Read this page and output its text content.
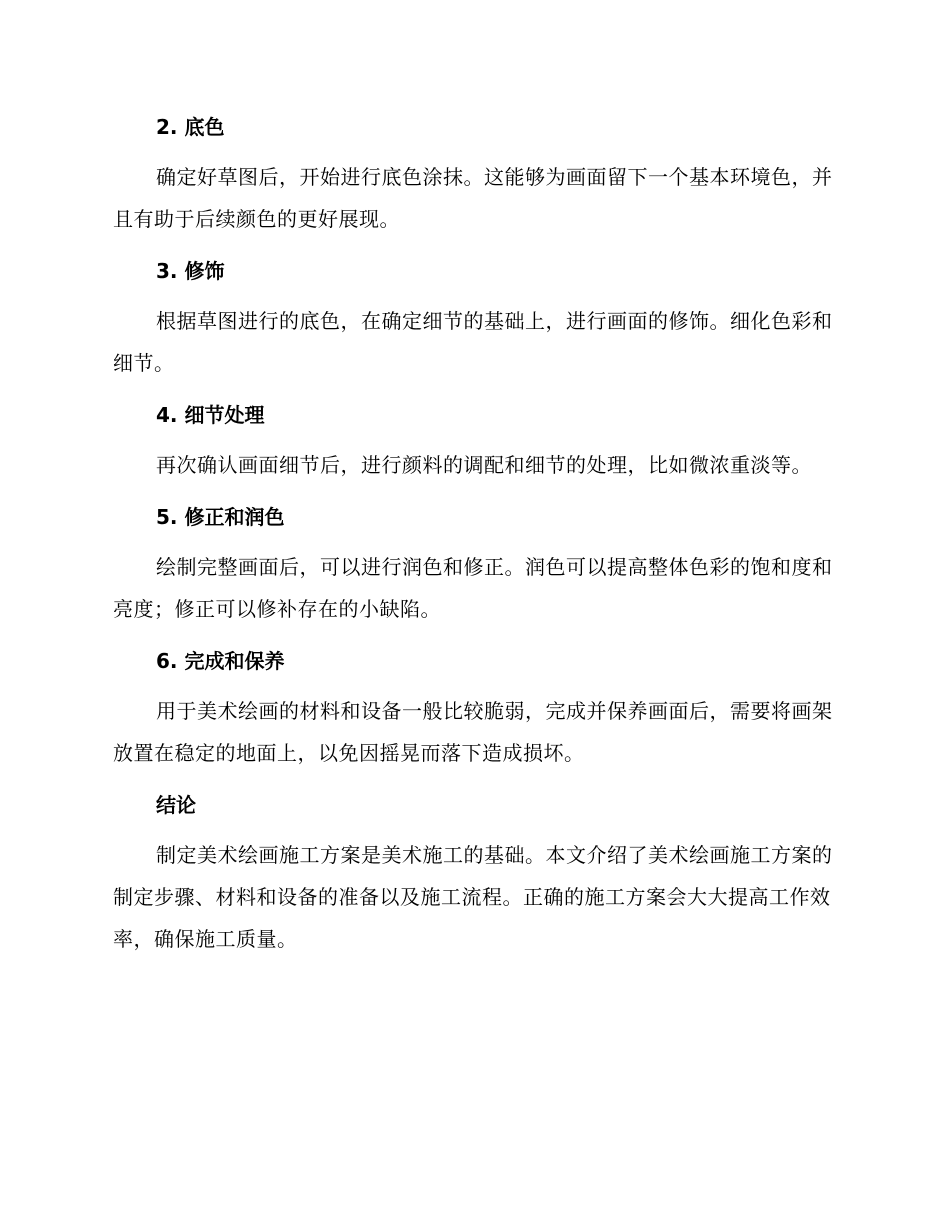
2. 底色

确定好草图后，开始进行底色涂抹。这能够为画面留下一个基本环境色，并且有助于后续颜色的更好展现。

3. 修饰

根据草图进行的底色，在确定细节的基础上，进行画面的修饰。细化色彩和细节。

4. 细节处理

再次确认画面细节后，进行颜料的调配和细节的处理，比如微浓重淡等。

5. 修正和润色

绘制完整画面后，可以进行润色和修正。润色可以提高整体色彩的饱和度和亮度；修正可以修补存在的小缺陷。

6. 完成和保养

用于美术绘画的材料和设备一般比较脆弱，完成并保养画面后，需要将画架放置在稳定的地面上，以免因摇晃而落下造成损坏。

结论

制定美术绘画施工方案是美术施工的基础。本文介绍了美术绘画施工方案的制定步骤、材料和设备的准备以及施工流程。正确的施工方案会大大提高工作效率，确保施工质量。
